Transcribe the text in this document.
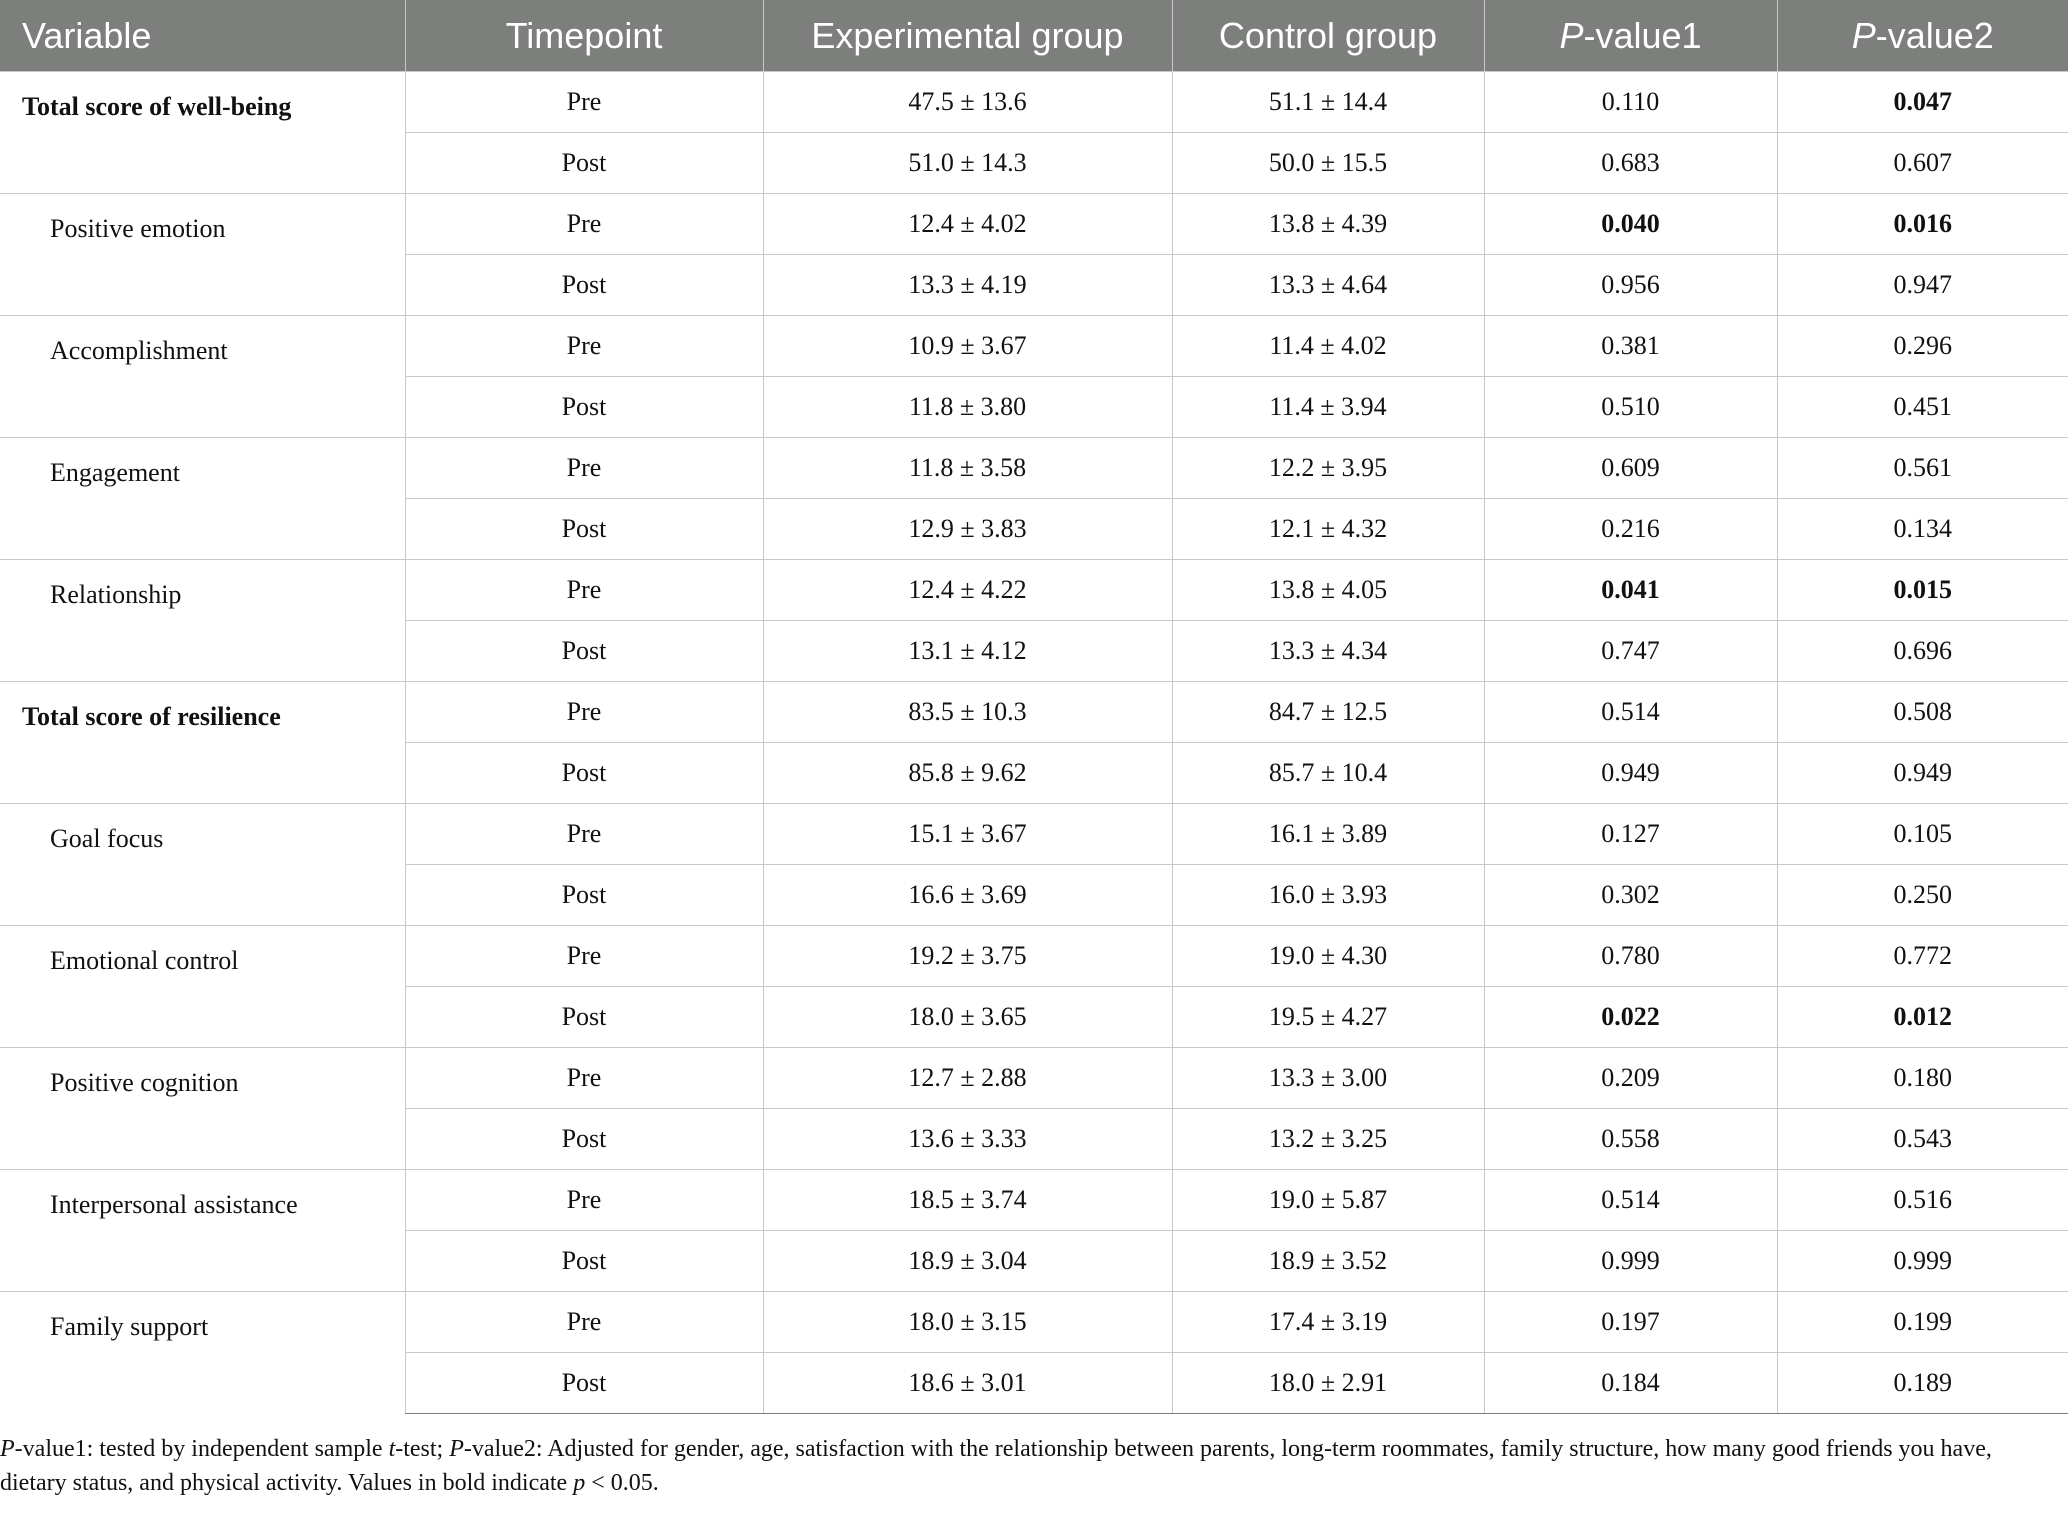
Variable	Timepoint	Experimental group	Control group	P-value1	P-value2
Total score of well-being	Pre	47.5 ± 13.6	51.1 ± 14.4	0.110	0.047
	Post	51.0 ± 14.3	50.0 ± 15.5	0.683	0.607
Positive emotion	Pre	12.4 ± 4.02	13.8 ± 4.39	0.040	0.016
	Post	13.3 ± 4.19	13.3 ± 4.64	0.956	0.947
Accomplishment	Pre	10.9 ± 3.67	11.4 ± 4.02	0.381	0.296
	Post	11.8 ± 3.80	11.4 ± 3.94	0.510	0.451
Engagement	Pre	11.8 ± 3.58	12.2 ± 3.95	0.609	0.561
	Post	12.9 ± 3.83	12.1 ± 4.32	0.216	0.134
Relationship	Pre	12.4 ± 4.22	13.8 ± 4.05	0.041	0.015
	Post	13.1 ± 4.12	13.3 ± 4.34	0.747	0.696
Total score of resilience	Pre	83.5 ± 10.3	84.7 ± 12.5	0.514	0.508
	Post	85.8 ± 9.62	85.7 ± 10.4	0.949	0.949
Goal focus	Pre	15.1 ± 3.67	16.1 ± 3.89	0.127	0.105
	Post	16.6 ± 3.69	16.0 ± 3.93	0.302	0.250
Emotional control	Pre	19.2 ± 3.75	19.0 ± 4.30	0.780	0.772
	Post	18.0 ± 3.65	19.5 ± 4.27	0.022	0.012
Positive cognition	Pre	12.7 ± 2.88	13.3 ± 3.00	0.209	0.180
	Post	13.6 ± 3.33	13.2 ± 3.25	0.558	0.543
Interpersonal assistance	Pre	18.5 ± 3.74	19.0 ± 5.87	0.514	0.516
	Post	18.9 ± 3.04	18.9 ± 3.52	0.999	0.999
Family support	Pre	18.0 ± 3.15	17.4 ± 3.19	0.197	0.199
	Post	18.6 ± 3.01	18.0 ± 2.91	0.184	0.189
P-value1: tested by independent sample t-test; P-value2: Adjusted for gender, age, satisfaction with the relationship between parents, long-term roommates, family structure, how many good friends you have, dietary status, and physical activity. Values in bold indicate p < 0.05.
